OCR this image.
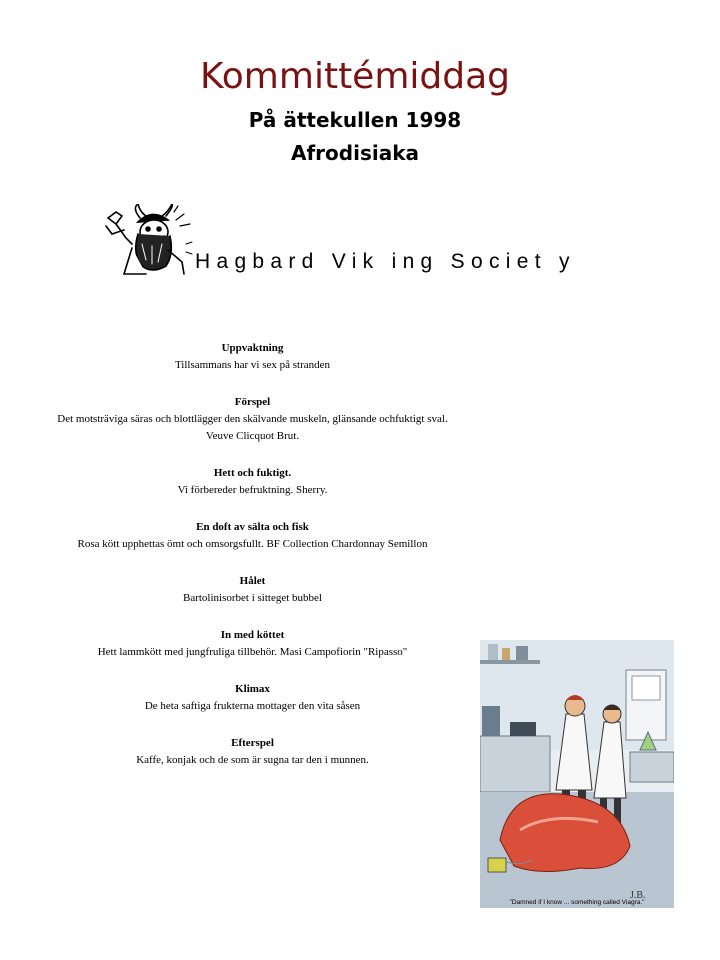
Kommittémiddag
På ättekullen 1998
Afrodisiaka
Hagbard Vik ing Societ y
Uppvaktning
Tillsammans har vi sex på stranden
Förspel
Det motsträviga säras och blottlägger den skälvande muskeln, glänsande ochfuktigt sval.
Veuve Clicquot Brut.
Hett och fuktigt.
Vi förbereder befruktning. Sherry.
En doft av sälta och fisk
Rosa kött upphettas ömt och omsorgsfullt. BF Collection Chardonnay Semillon
Hålet
Bartolinisorbet i sitteget bubbel
In med köttet
Hett lammkött med jungfruliga tillbehör. Masi Campofiorin "Ripasso"
Klimax
De heta saftiga frukterna mottager den vita såsen
Efterspel
Kaffe, konjak och de som är sugna tar den i munnen.
J.B.
"Damned if I know ... something called Viagra."
